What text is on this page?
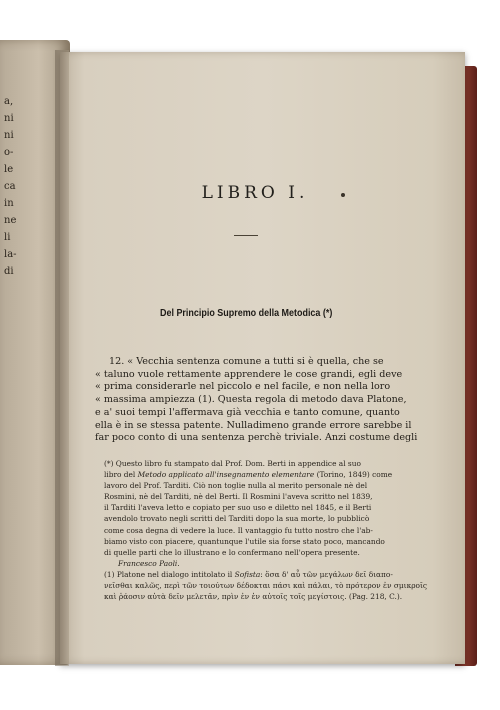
a,
ni
ni
o-
le
ca
in
ne
li
la-
di
LIBRO I.
Del Principio Supremo della Metodica (*)
12. « Vecchia sentenza comune a tutti si è quella, che se
« taluno vuole rettamente apprendere le cose grandi, egli deve
« prima considerarle nel piccolo e nel facile, e non nella loro
« massima ampiezza (1). Questa regola di metodo dava Platone,
e a' suoi tempi l'affermava già vecchia e tanto comune, quanto
ella è in se stessa patente. Nulladimeno grande errore sarebbe il
far poco conto di una sentenza perchè triviale. Anzi costume degli
(*) Questo libro fu stampato dal Prof. Dom. Berti in appendice al suo
libro del Metodo applicato all'insegnamento elementare (Torino, 1849) come
lavoro del Prof. Tarditi. Ciò non toglie nulla al merito personale nè del
Rosmini, nè del Tarditi, nè del Berti. Il Rosmini l'aveva scritto nel 1839,
il Tarditi l'aveva letto e copiato per suo uso e diletto nel 1845, e il Berti
avendolo trovato negli scritti del Tarditi dopo la sua morte, lo pubblicò
come cosa degna di vedere la luce. Il vantaggio fu tutto nostro che l'ab-
biamo visto con piacere, quantunque l'utile sia forse stato poco, mancando
di quelle parti che lo illustrano e lo confermano nell'opera presente.
Francesco Paoli.
(1) Platone nel dialogo intitolato il Sofista: ὅσα δ' αὖ τῶν μεγάλων δεῖ διαπο-
νεῖσθαι καλῶς, περὶ τῶν τοιούτων δέδοκται πάσι καὶ πάλαι, τὸ πρότερον ἐν σμικροῖς
καὶ ῥάοσιν αὐτὰ δεῖν μελετᾶν, πρὶν ἐν ἐν αὐτοῖς τοῖς μεγίστοις. (Pag. 218, C.).
